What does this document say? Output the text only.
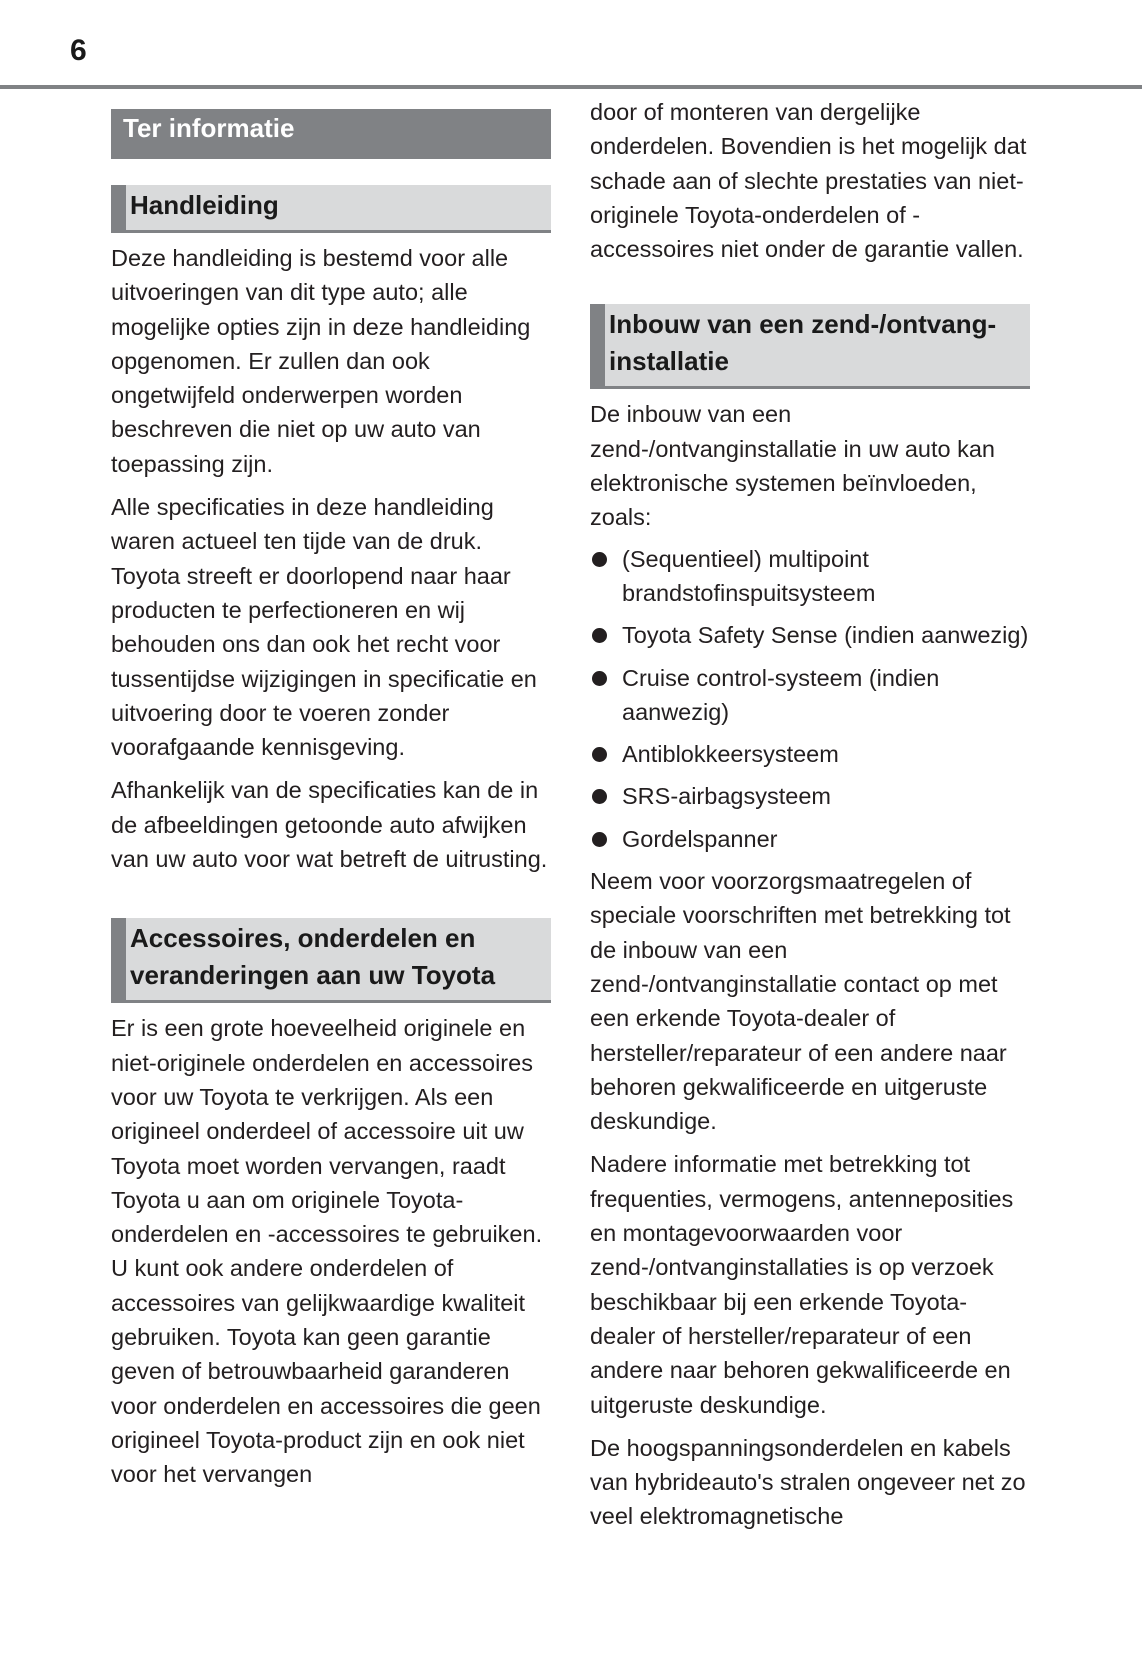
6
Ter informatie
Handleiding

Deze handleiding is bestemd voor alle uitvoeringen van dit type auto; alle mogelijke opties zijn in deze handleiding opgenomen. Er zullen dan ook ongetwijfeld onderwerpen worden beschreven die niet op uw auto van toepassing zijn.

Alle specificaties in deze handleiding waren actueel ten tijde van de druk. Toyota streeft er doorlopend naar haar producten te perfectioneren en wij behouden ons dan ook het recht voor tussentijdse wijzigingen in specificatie en uitvoering door te voeren zonder voorafgaande kennisgeving.

Afhankelijk van de specificaties kan de in de afbeeldingen getoonde auto afwijken van uw auto voor wat betreft de uitrusting.

Accessoires, onderdelen en
veranderingen aan uw Toyota

Er is een grote hoeveelheid originele en niet-originele onderdelen en accessoires voor uw Toyota te verkrijgen. Als een origineel onderdeel of accessoire uit uw Toyota moet worden vervangen, raadt Toyota u aan om originele Toyota-onderdelen en -accessoires te gebruiken. U kunt ook andere onderdelen of accessoires van gelijkwaardige kwaliteit gebruiken. Toyota kan geen garantie geven of betrouwbaarheid garanderen voor onderdelen en accessoires die geen origineel Toyota-product zijn en ook niet voor het vervangen

door of monteren van dergelijke onderdelen. Bovendien is het mogelijk dat schade aan of slechte prestaties van niet-originele Toyota-onderdelen of -accessoires niet onder de garantie vallen.

Inbouw van een zend-/ontvang-
installatie

De inbouw van een zend-/ontvanginstallatie in uw auto kan elektronische systemen beïnvloeden, zoals:

(Sequentieel) multipoint brandstofinspuitsysteem
Toyota Safety Sense (indien aanwezig)
Cruise control-systeem (indien aanwezig)
Antiblokkeersysteem
SRS-airbagsysteem
Gordelspanner

Neem voor voorzorgsmaatregelen of speciale voorschriften met betrekking tot de inbouw van een zend-/ontvanginstallatie contact op met een erkende Toyota-dealer of hersteller/reparateur of een andere naar behoren gekwalificeerde en uitgeruste deskundige.

Nadere informatie met betrekking tot frequenties, vermogens, antenneposities en montagevoorwaarden voor zend-/ontvanginstallaties is op verzoek beschikbaar bij een erkende Toyota-dealer of hersteller/reparateur of een andere naar behoren gekwalificeerde en uitgeruste deskundige.

De hoogspanningsonderdelen en kabels van hybrideauto's stralen ongeveer net zo veel elektromagnetische
